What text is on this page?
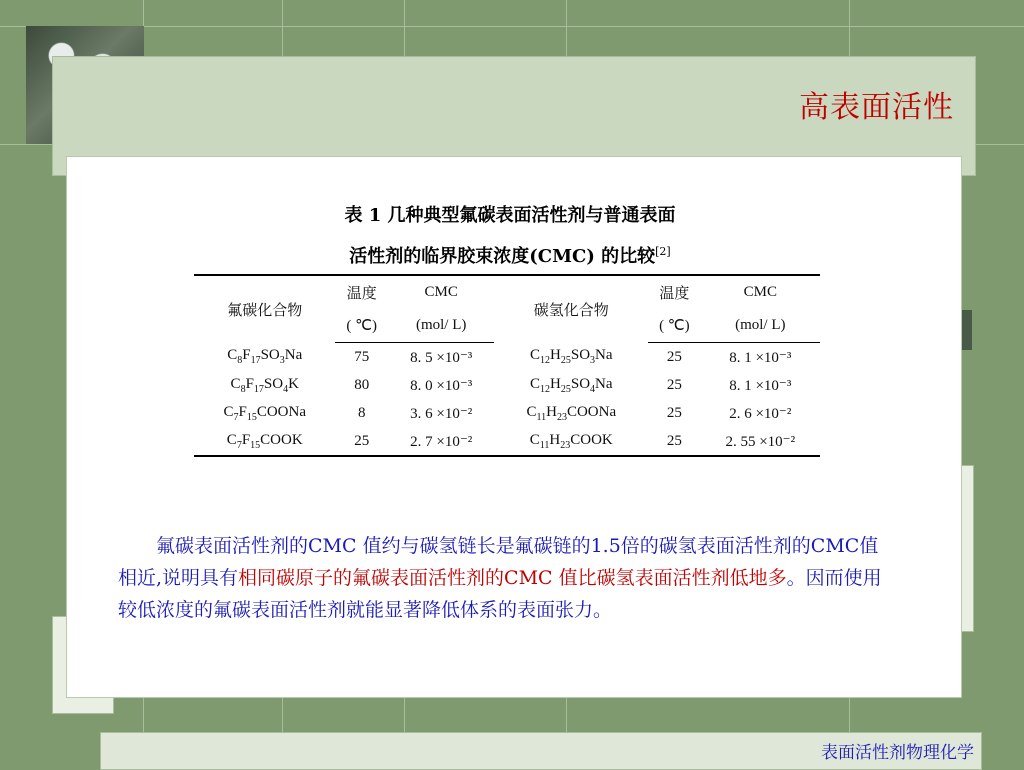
高表面活性
表 1 几种典型氟碳表面活性剂与普通表面
活性剂的临界胶束浓度(CMC) 的比较[2]
氟碳化合物	温度	CMC	碳氢化合物	温度	CMC
	( ℃)	(mol/ L)		( ℃)	(mol/ L)
$C_8F_{17}SO_3Na$	75	8. 5 ×10⁻³	$C_{12}H_{25}SO_3Na$	25	8. 1 ×10⁻³
$C_8F_{17}SO_4K$	80	8. 0 ×10⁻³	$C_{12}H_{25}SO_4Na$	25	8. 1 ×10⁻³
$C_7F_{15}COONa$	8	3. 6 ×10⁻²	$C_{11}H_{23}COONa$	25	2. 6 ×10⁻²
$C_7F_{15}COOK$	25	2. 7 ×10⁻²	$C_{11}H_{23}COOK$	25	2. 55 ×10⁻²
氟碳表面活性剂的CMC 值约与碳氢链长是氟碳链的1.5倍的碳氢表面活性剂的CMC值相近,说明具有相同碳原子的氟碳表面活性剂的CMC 值比碳氢表面活性剂低地多。因而使用较低浓度的氟碳表面活性剂就能显著降低体系的表面张力。
表面活性剂物理化学
